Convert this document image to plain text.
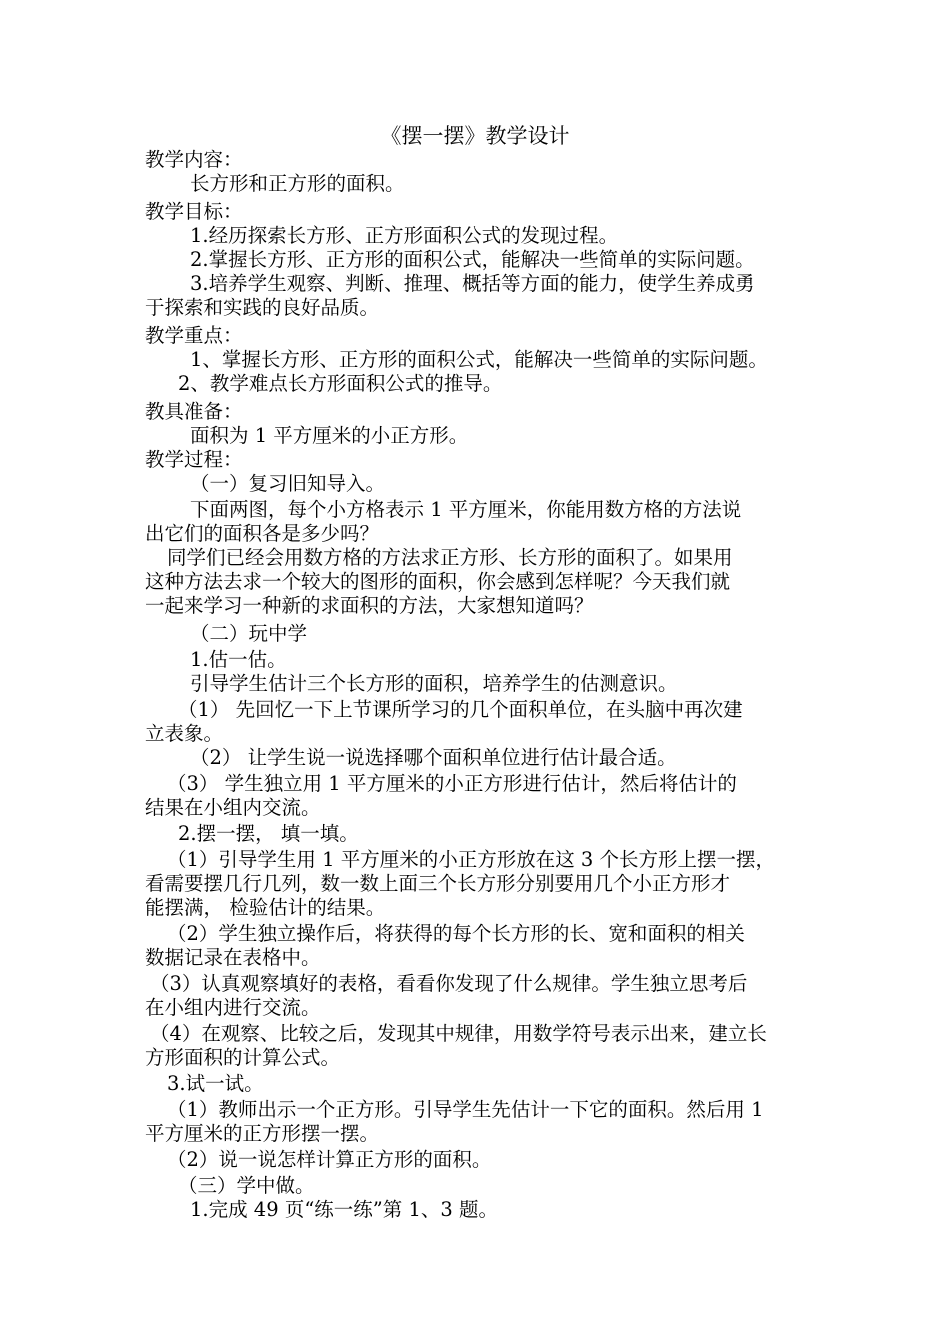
《摆一摆》教学设计
教学内容：
长方形和正方形的面积。
教学目标：
1.经历探索长方形、正方形面积公式的发现过程。
2.掌握长方形、正方形的面积公式，能解决一些简单的实际问题。
3.培养学生观察、判断、推理、概括等方面的能力，使学生养成勇
于探索和实践的良好品质。
教学重点：
1、掌握长方形、正方形的面积公式，能解决一些简单的实际问题。
2、教学难点长方形面积公式的推导。
教具准备：
面积为 1 平方厘米的小正方形。
教学过程：
（一）复习旧知导入。
下面两图，每个小方格表示 1 平方厘米，你能用数方格的方法说
出它们的面积各是多少吗？
同学们已经会用数方格的方法求正方形、长方形的面积了。如果用
这种方法去求一个较大的图形的面积，你会感到怎样呢？今天我们就
一起来学习一种新的求面积的方法，大家想知道吗？
（二）玩中学
1.估一估。
引导学生估计三个长方形的面积，培养学生的估测意识。
（1） 先回忆一下上节课所学习的几个面积单位，在头脑中再次建
立表象。
（2） 让学生说一说选择哪个面积单位进行估计最合适。
（3） 学生独立用 1 平方厘米的小正方形进行估计，然后将估计的
结果在小组内交流。
2.摆一摆， 填一填。
（1）引导学生用 1 平方厘米的小正方形放在这 3 个长方形上摆一摆，
看需要摆几行几列，数一数上面三个长方形分别要用几个小正方形才
能摆满， 检验估计的结果。
（2）学生独立操作后，将获得的每个长方形的长、宽和面积的相关
数据记录在表格中。
（3）认真观察填好的表格，看看你发现了什么规律。学生独立思考后
在小组内进行交流。
（4）在观察、比较之后，发现其中规律，用数学符号表示出来，建立长
方形面积的计算公式。
3.试一试。
（1）教师出示一个正方形。引导学生先估计一下它的面积。然后用 1
平方厘米的正方形摆一摆。
（2）说一说怎样计算正方形的面积。
（三）学中做。
1.完成 49 页“练一练”第 1、3 题。
